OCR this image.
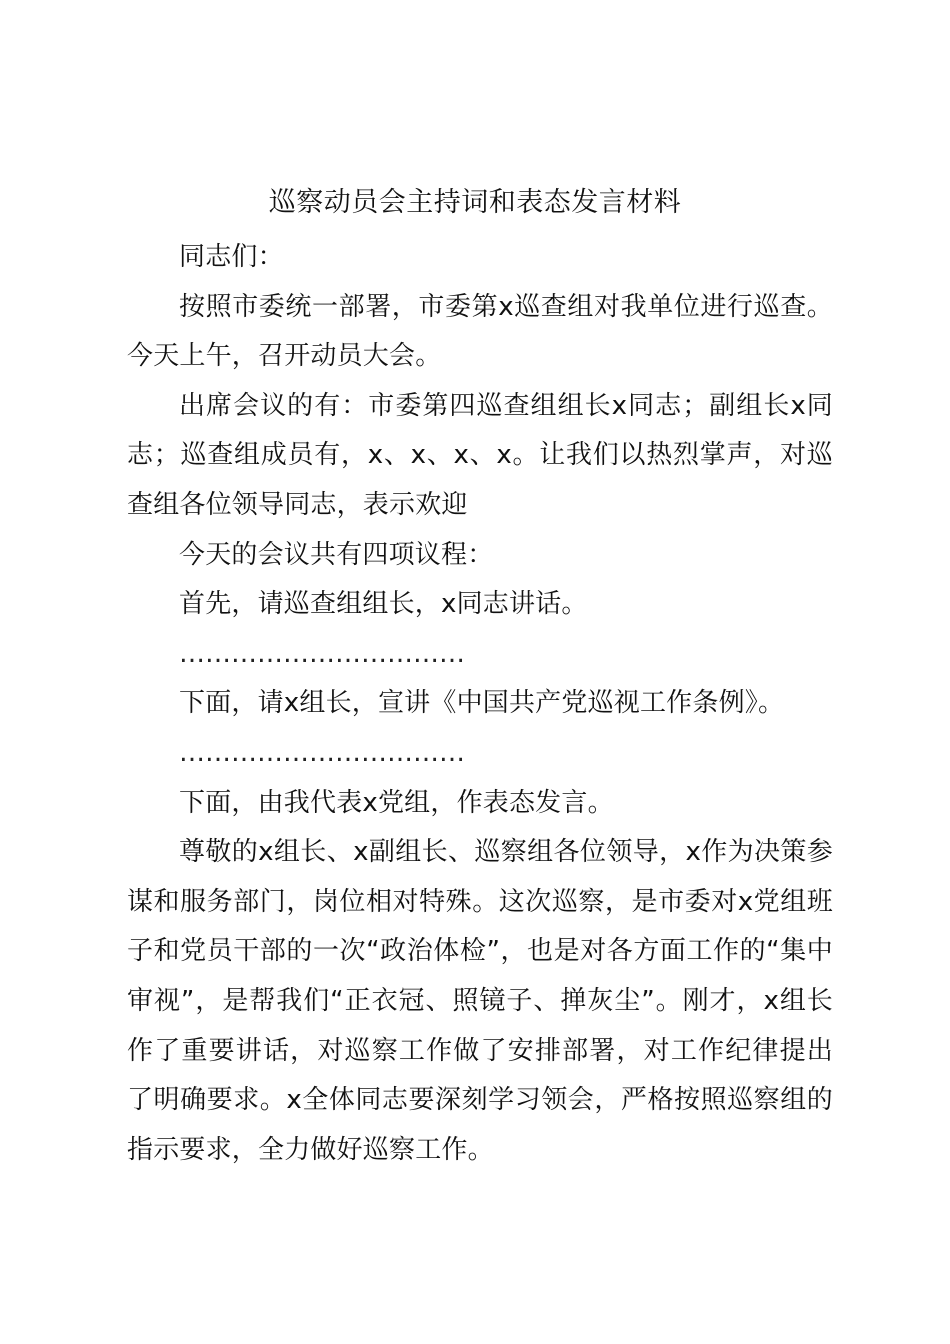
巡察动员会主持词和表态发言材料

同志们：

按照市委统一部署，市委第x巡查组对我单位进行巡查。今天上午，召开动员大会。

出席会议的有：市委第四巡查组组长x同志；副组长x同志；巡查组成员有，x、x、x、x。让我们以热烈掌声，对巡查组各位领导同志，表示欢迎

今天的会议共有四项议程：

首先，请巡查组组长，x同志讲话。

……………………………

下面，请x组长，宣讲《中国共产党巡视工作条例》。

……………………………

下面，由我代表x党组，作表态发言。

尊敬的x组长、x副组长、巡察组各位领导，x作为决策参谋和服务部门，岗位相对特殊。这次巡察，是市委对x党组班子和党员干部的一次“政治体检”，也是对各方面工作的“集中审视”，是帮我们“正衣冠、照镜子、掸灰尘”。刚才，x组长作了重要讲话，对巡察工作做了安排部署，对工作纪律提出了明确要求。x全体同志要深刻学习领会，严格按照巡察组的指示要求，全力做好巡察工作。
